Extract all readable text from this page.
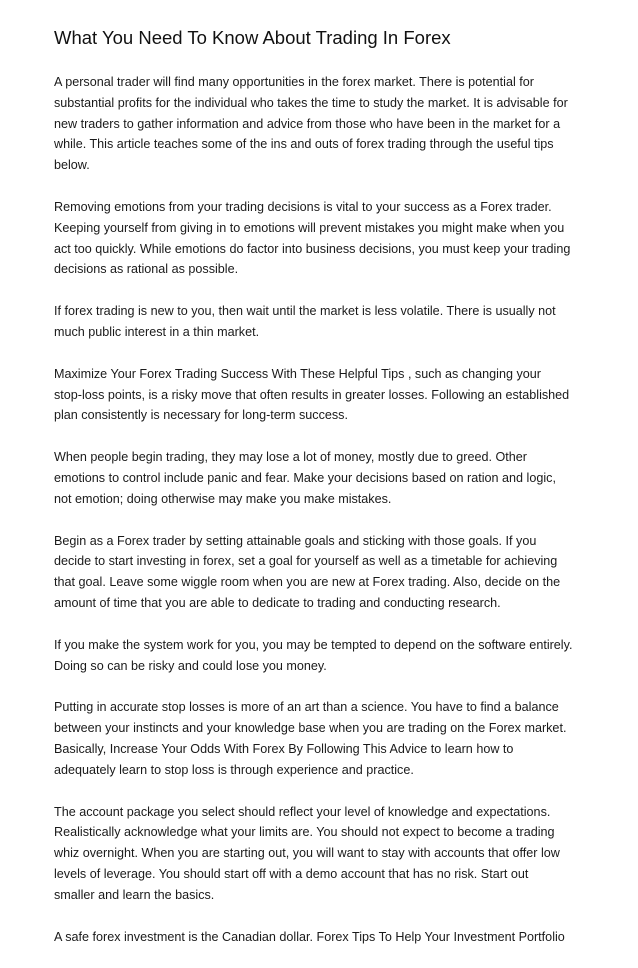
What You Need To Know About Trading In Forex

A personal trader will find many opportunities in the forex market. There is potential for
substantial profits for the individual who takes the time to study the market. It is advisable for
new traders to gather information and advice from those who have been in the market for a
while. This article teaches some of the ins and outs of forex trading through the useful tips
below.

Removing emotions from your trading decisions is vital to your success as a Forex trader.
Keeping yourself from giving in to emotions will prevent mistakes you might make when you
act too quickly. While emotions do factor into business decisions, you must keep your trading
decisions as rational as possible.

If forex trading is new to you, then wait until the market is less volatile. There is usually not
much public interest in a thin market.

Maximize Your Forex Trading Success With These Helpful Tips , such as changing your
stop-loss points, is a risky move that often results in greater losses. Following an established
plan consistently is necessary for long-term success.

When people begin trading, they may lose a lot of money, mostly due to greed. Other
emotions to control include panic and fear. Make your decisions based on ration and logic,
not emotion; doing otherwise may make you make mistakes.

Begin as a Forex trader by setting attainable goals and sticking with those goals. If you
decide to start investing in forex, set a goal for yourself as well as a timetable for achieving
that goal. Leave some wiggle room when you are new at Forex trading. Also, decide on the
amount of time that you are able to dedicate to trading and conducting research.

If you make the system work for you, you may be tempted to depend on the software entirely.
Doing so can be risky and could lose you money.

Putting in accurate stop losses is more of an art than a science. You have to find a balance
between your instincts and your knowledge base when you are trading on the Forex market.
Basically, Increase Your Odds With Forex By Following This Advice to learn how to
adequately learn to stop loss is through experience and practice.

The account package you select should reflect your level of knowledge and expectations.
Realistically acknowledge what your limits are. You should not expect to become a trading
whiz overnight. When you are starting out, you will want to stay with accounts that offer low
levels of leverage. You should start off with a demo account that has no risk. Start out
smaller and learn the basics.

A safe forex investment is the Canadian dollar. Forex Tips To Help Your Investment Portfolio
